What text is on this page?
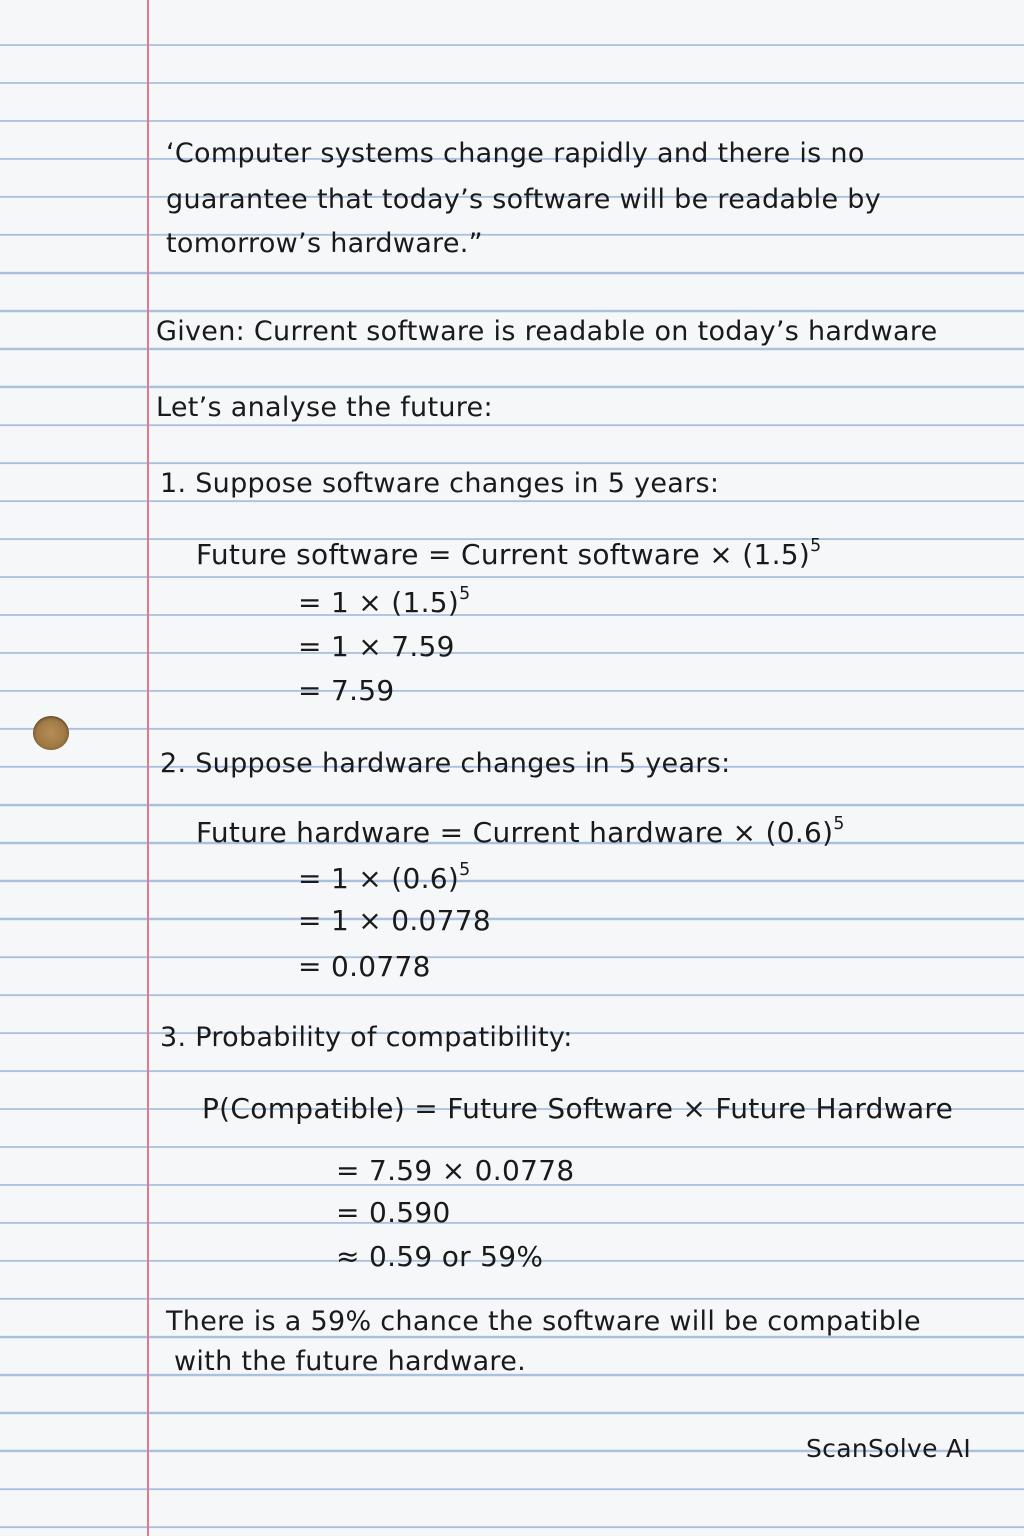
‘Computer systems change rapidly and there is no
guarantee that today’s software will be readable by
tomorrow’s hardware.”
Given: Current software is readable on today’s hardware
Let’s analyse the future:
1. Suppose software changes in 5 years:
Future software = Current software × $(1.5)^5$
= $1 \times (1.5)^5$
= 1 × 7.59
= 7.59
2. Suppose hardware changes in 5 years:
Future hardware = Current hardware × $(0.6)^5$
= $1 \times (0.6)^5$
= 1 × 0.0778
= 0.0778
3. Probability of compatibility:
P(Compatible) = Future Software × Future Hardware
= 7.59 × 0.0778
= 0.590
≈ 0.59 or 59%
There is a 59% chance the software will be compatible
with the future hardware.
ScanSolve AI
